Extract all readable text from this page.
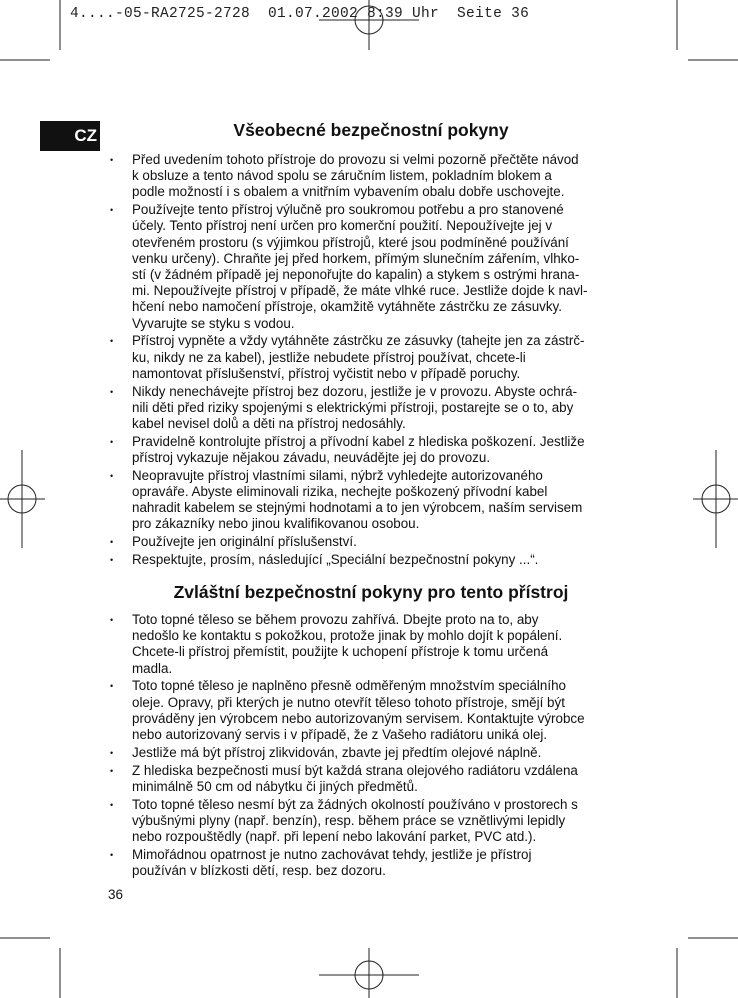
4....-05-RA2725-2728  01.07.2002 8:39 Uhr  Seite 36
CZ	Všeobecné bezpečnostní pokyny
• Před uvedením tohoto přístroje do provozu si velmi pozorně přečtěte návod
k obsluze a tento návod spolu se záručním listem, pokladním blokem a
podle možností i s obalem a vnitřním vybavením obalu dobře uschovejte.
• Používejte tento přístroj výlučně pro soukromou potřebu a pro stanovené
účely. Tento přístroj není určen pro komerční použití. Nepoužívejte jej v
otevřeném prostoru (s výjimkou přístrojů, které jsou podmíněné používání
venku určeny). Chraňte jej před horkem, přímým slunečním zářením, vlhko-
stí (v žádném případě jej neponořujte do kapalin) a stykem s ostrými hrana-
mi. Nepoužívejte přístroj v případě, že máte vlhké ruce. Jestliže dojde k navl-
hčení nebo namočení přístroje, okamžitě vytáhněte zástrčku ze zásuvky.
Vyvarujte se styku s vodou.
• Přístroj vypněte a vždy vytáhněte zástrčku ze zásuvky (tahejte jen za zástrč-
ku, nikdy ne za kabel), jestliže nebudete přístroj používat, chcete-li
namontovat příslušenství, přístroj vyčistit nebo v případě poruchy.
• Nikdy nenechávejte přístroj bez dozoru, jestliže je v provozu. Abyste ochrá-
nili děti před riziky spojenými s elektrickými přístroji, postarejte se o to, aby
kabel nevisel dolů a děti na přístroj nedosáhly.
• Pravidelně kontrolujte přístroj a přívodní kabel z hlediska poškození. Jestliže
přístroj vykazuje nějakou závadu, neuvádějte jej do provozu.
• Neopravujte přístroj vlastními silami, nýbrž vyhledejte autorizovaného
opraváře. Abyste eliminovali rizika, nechejte poškozený přívodní kabel
nahradit kabelem se stejnými hodnotami a to jen výrobcem, naším servisem
pro zákazníky nebo jinou kvalifikovanou osobou.
• Používejte jen originální příslušenství.
• Respektujte, prosím, následující „Speciální bezpečnostní pokyny ...“.
Zvláštní bezpečnostní pokyny pro tento přístroj
• Toto topné těleso se během provozu zahřívá. Dbejte proto na to, aby
nedošlo ke kontaktu s pokožkou, protože jinak by mohlo dojít k popálení.
Chcete-li přístroj přemístit, použijte k uchopení přístroje k tomu určená
madla.
• Toto topné těleso je naplněno přesně odměřeným množstvím speciálního
oleje. Opravy, při kterých je nutno otevřít těleso tohoto přístroje, smějí být
prováděny jen výrobcem nebo autorizovaným servisem. Kontaktujte výrobce
nebo autorizovaný servis i v případě, že z Vašeho radiátoru uniká olej.
• Jestliže má být přístroj zlikvidován, zbavte jej předtím olejové náplně.
• Z hlediska bezpečnosti musí být každá strana olejového radiátoru vzdálena
minimálně 50 cm od nábytku či jiných předmětů.
• Toto topné těleso nesmí být za žádných okolností používáno v prostorech s
výbušnými plyny (např. benzín), resp. během práce se vznětlivými lepidly
nebo rozpouštědly (např. při lepení nebo lakování parket, PVC atd.).
• Mimořádnou opatrnost je nutno zachovávat tehdy, jestliže je přístroj
používán v blízkosti dětí, resp. bez dozoru.
36
